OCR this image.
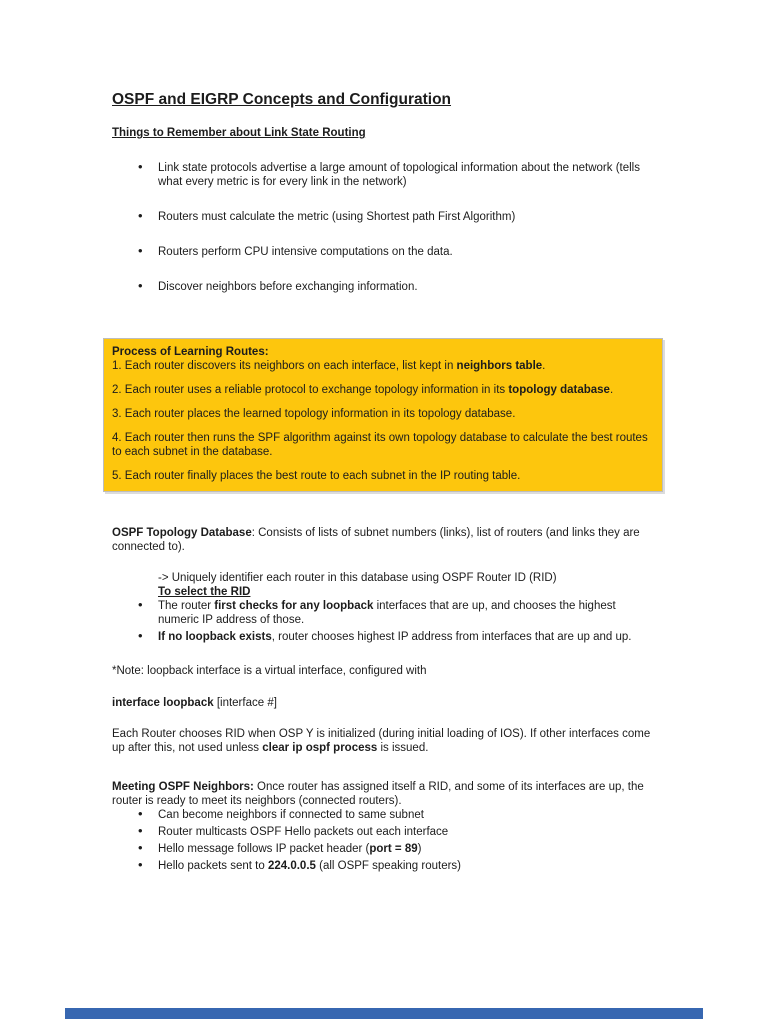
OSPF and EIGRP Concepts and Configuration
Things to Remember about Link State Routing
• Link state protocols advertise a large amount of topological information about the network (tells what every metric is for every link in the network)
• Routers must calculate the metric (using Shortest path First Algorithm)
• Routers perform CPU intensive computations on the data.
• Discover neighbors before exchanging information.

Process of Learning Routes:

1. Each router discovers its neighbors on each interface, list kept in neighbors table.

2. Each router uses a reliable protocol to exchange topology information in its topology database.

3. Each router places the learned topology information in its topology database.

4. Each router then runs the SPF algorithm against its own topology database to calculate the best routes to each subnet in the database.

5. Each router finally places the best route to each subnet in the IP routing table.

OSPF Topology Database: Consists of lists of subnet numbers (links), list of routers (and links they are connected to).

-> Uniquely identifier each router in this database using OSPF Router ID (RID)

To select the RID

• The router first checks for any loopback interfaces that are up, and chooses the highest numeric IP address of those.
• If no loopback exists, router chooses highest IP address from interfaces that are up and up.

*Note: loopback interface is a virtual interface, configured with

interface loopback [interface #]

Each Router chooses RID when OSP Y is initialized (during initial loading of IOS). If other interfaces come up after this, not used unless clear ip ospf process is issued.

Meeting OSPF Neighbors: Once router has assigned itself a RID, and some of its interfaces are up, the router is ready to meet its neighbors (connected routers).

• Can become neighbors if connected to same subnet
• Router multicasts OSPF Hello packets out each interface
• Hello message follows IP packet header (port = 89)
• Hello packets sent to 224.0.0.5 (all OSPF speaking routers)
